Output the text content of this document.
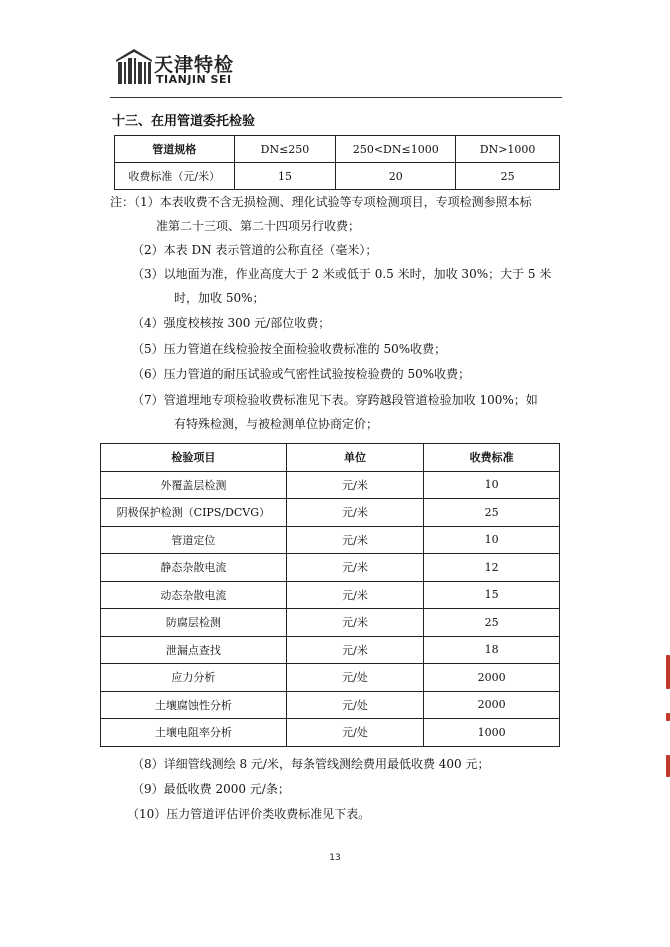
天津特检
TIANJIN SEI
十三、在用管道委托检验
管道规格	DN≤250	250<DN≤1000	DN>1000
收费标准（元/米）	15	20	25
注：（1）本表收费不含无损检测、理化试验等专项检测项目，专项检测参照本标
准第二十三项、第二十四项另行收费；
（2）本表 DN 表示管道的公称直径（毫米）；
（3）以地面为准，作业高度大于 2 米或低于 0.5 米时，加收 30%；大于 5 米
时，加收 50%；
（4）强度校核按 300 元/部位收费；
（5）压力管道在线检验按全面检验收费标准的 50%收费；
（6）压力管道的耐压试验或气密性试验按检验费的 50%收费；
（7）管道埋地专项检验收费标准见下表。穿跨越段管道检验加收 100%；如
有特殊检测，与被检测单位协商定价；
检验项目	单位	收费标准
外覆盖层检测	元/米	10
阴极保护检测（CIPS/DCVG）	元/米	25
管道定位	元/米	10
静态杂散电流	元/米	12
动态杂散电流	元/米	15
防腐层检测	元/米	25
泄漏点查找	元/米	18
应力分析	元/处	2000
土壤腐蚀性分析	元/处	2000
土壤电阻率分析	元/处	1000
（8）详细管线测绘 8 元/米，每条管线测绘费用最低收费 400 元；
（9）最低收费 2000 元/条；
（10）压力管道评估评价类收费标准见下表。
13
